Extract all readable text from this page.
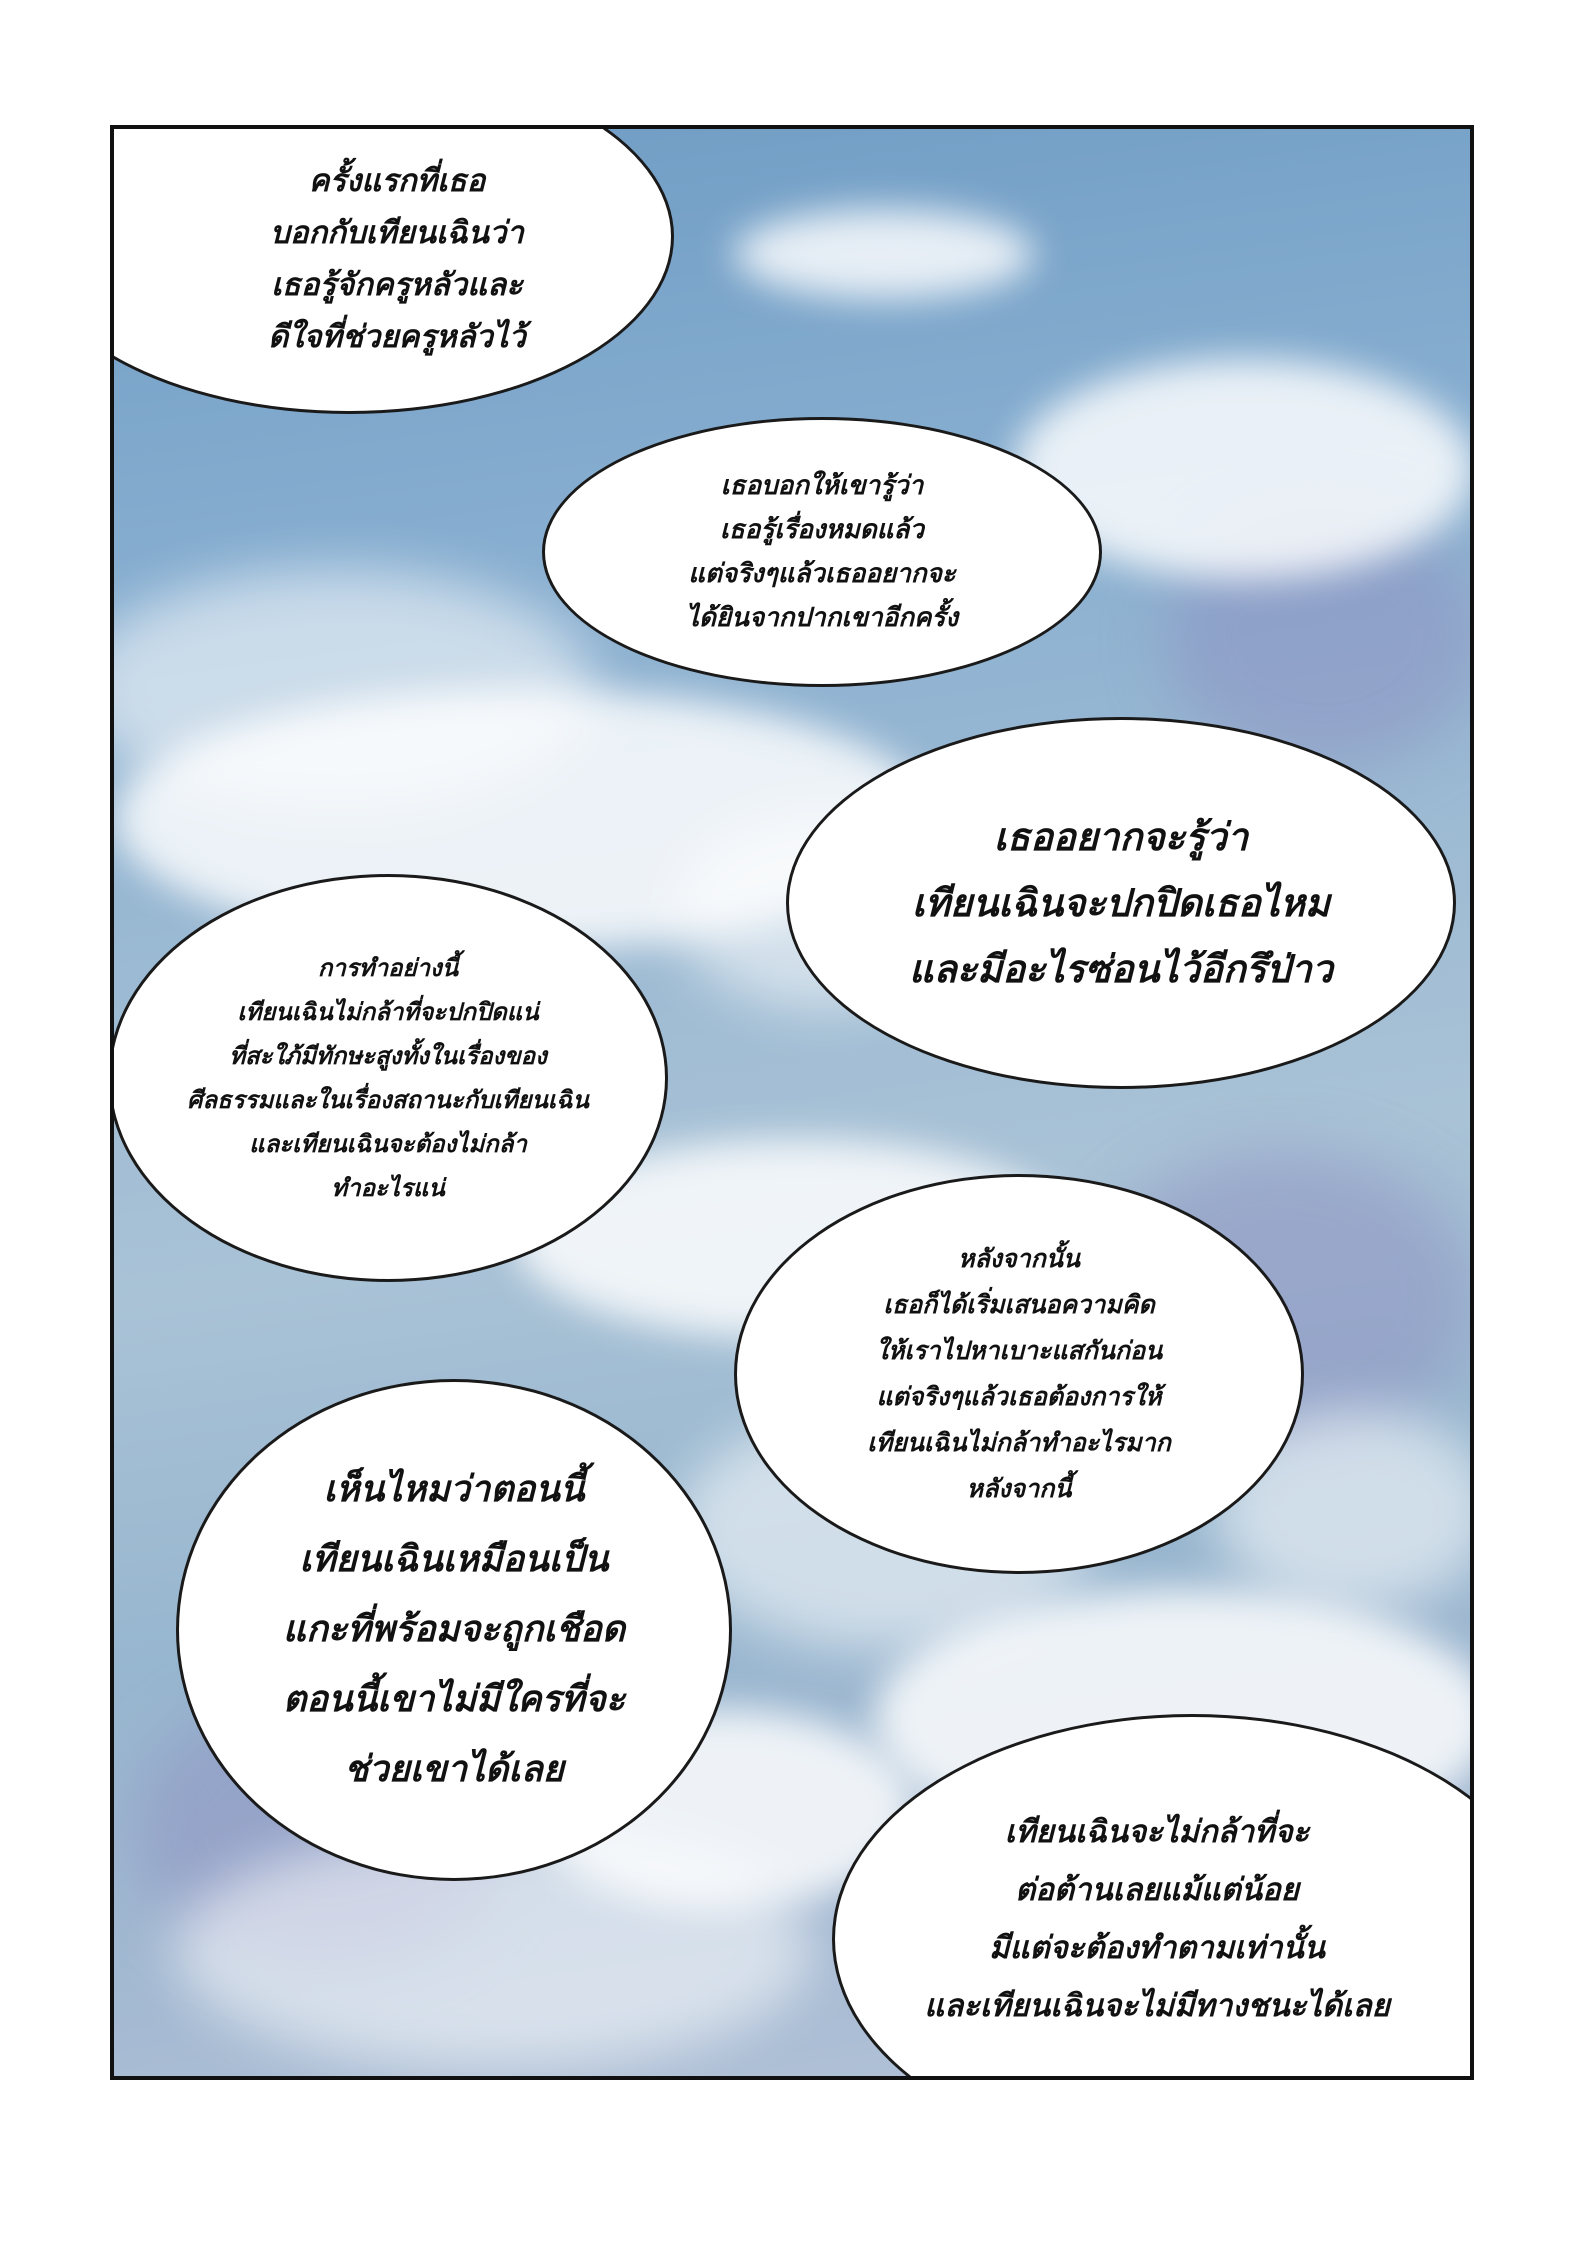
ครั้งแรกที่เธอ
บอกกับเทียนเฉินว่า
เธอรู้จักครูหลัวและ
ดีใจที่ช่วยครูหลัวไว้
เธอบอกให้เขารู้ว่า
เธอรู้เรื่องหมดแล้ว
แต่จริงๆแล้วเธออยากจะ
ได้ยินจากปากเขาอีกครั้ง
เธออยากจะรู้ว่า
เทียนเฉินจะปกปิดเธอไหม
และมีอะไรซ่อนไว้อีกรึป่าว
การทำอย่างนี้
เทียนเฉินไม่กล้าที่จะปกปิดแน่
ที่สะใภ้มีทักษะสูงทั้งในเรื่องของ
ศีลธรรมและในเรื่องสถานะกับเทียนเฉิน
และเทียนเฉินจะต้องไม่กล้า
ทำอะไรแน่
หลังจากนั้น
เธอก็ได้เริ่มเสนอความคิด
ให้เราไปหาเบาะแสกันก่อน
แต่จริงๆแล้วเธอต้องการให้
เทียนเฉินไม่กล้าทำอะไรมาก
หลังจากนี้
เห็นไหมว่าตอนนี้
เทียนเฉินเหมือนเป็น
แกะที่พร้อมจะถูกเชือด
ตอนนี้เขาไม่มีใครที่จะ
ช่วยเขาได้เลย
เทียนเฉินจะไม่กล้าที่จะ
ต่อต้านเลยแม้แต่น้อย
มีแต่จะต้องทำตามเท่านั้น
และเทียนเฉินจะไม่มีทางชนะได้เลย
